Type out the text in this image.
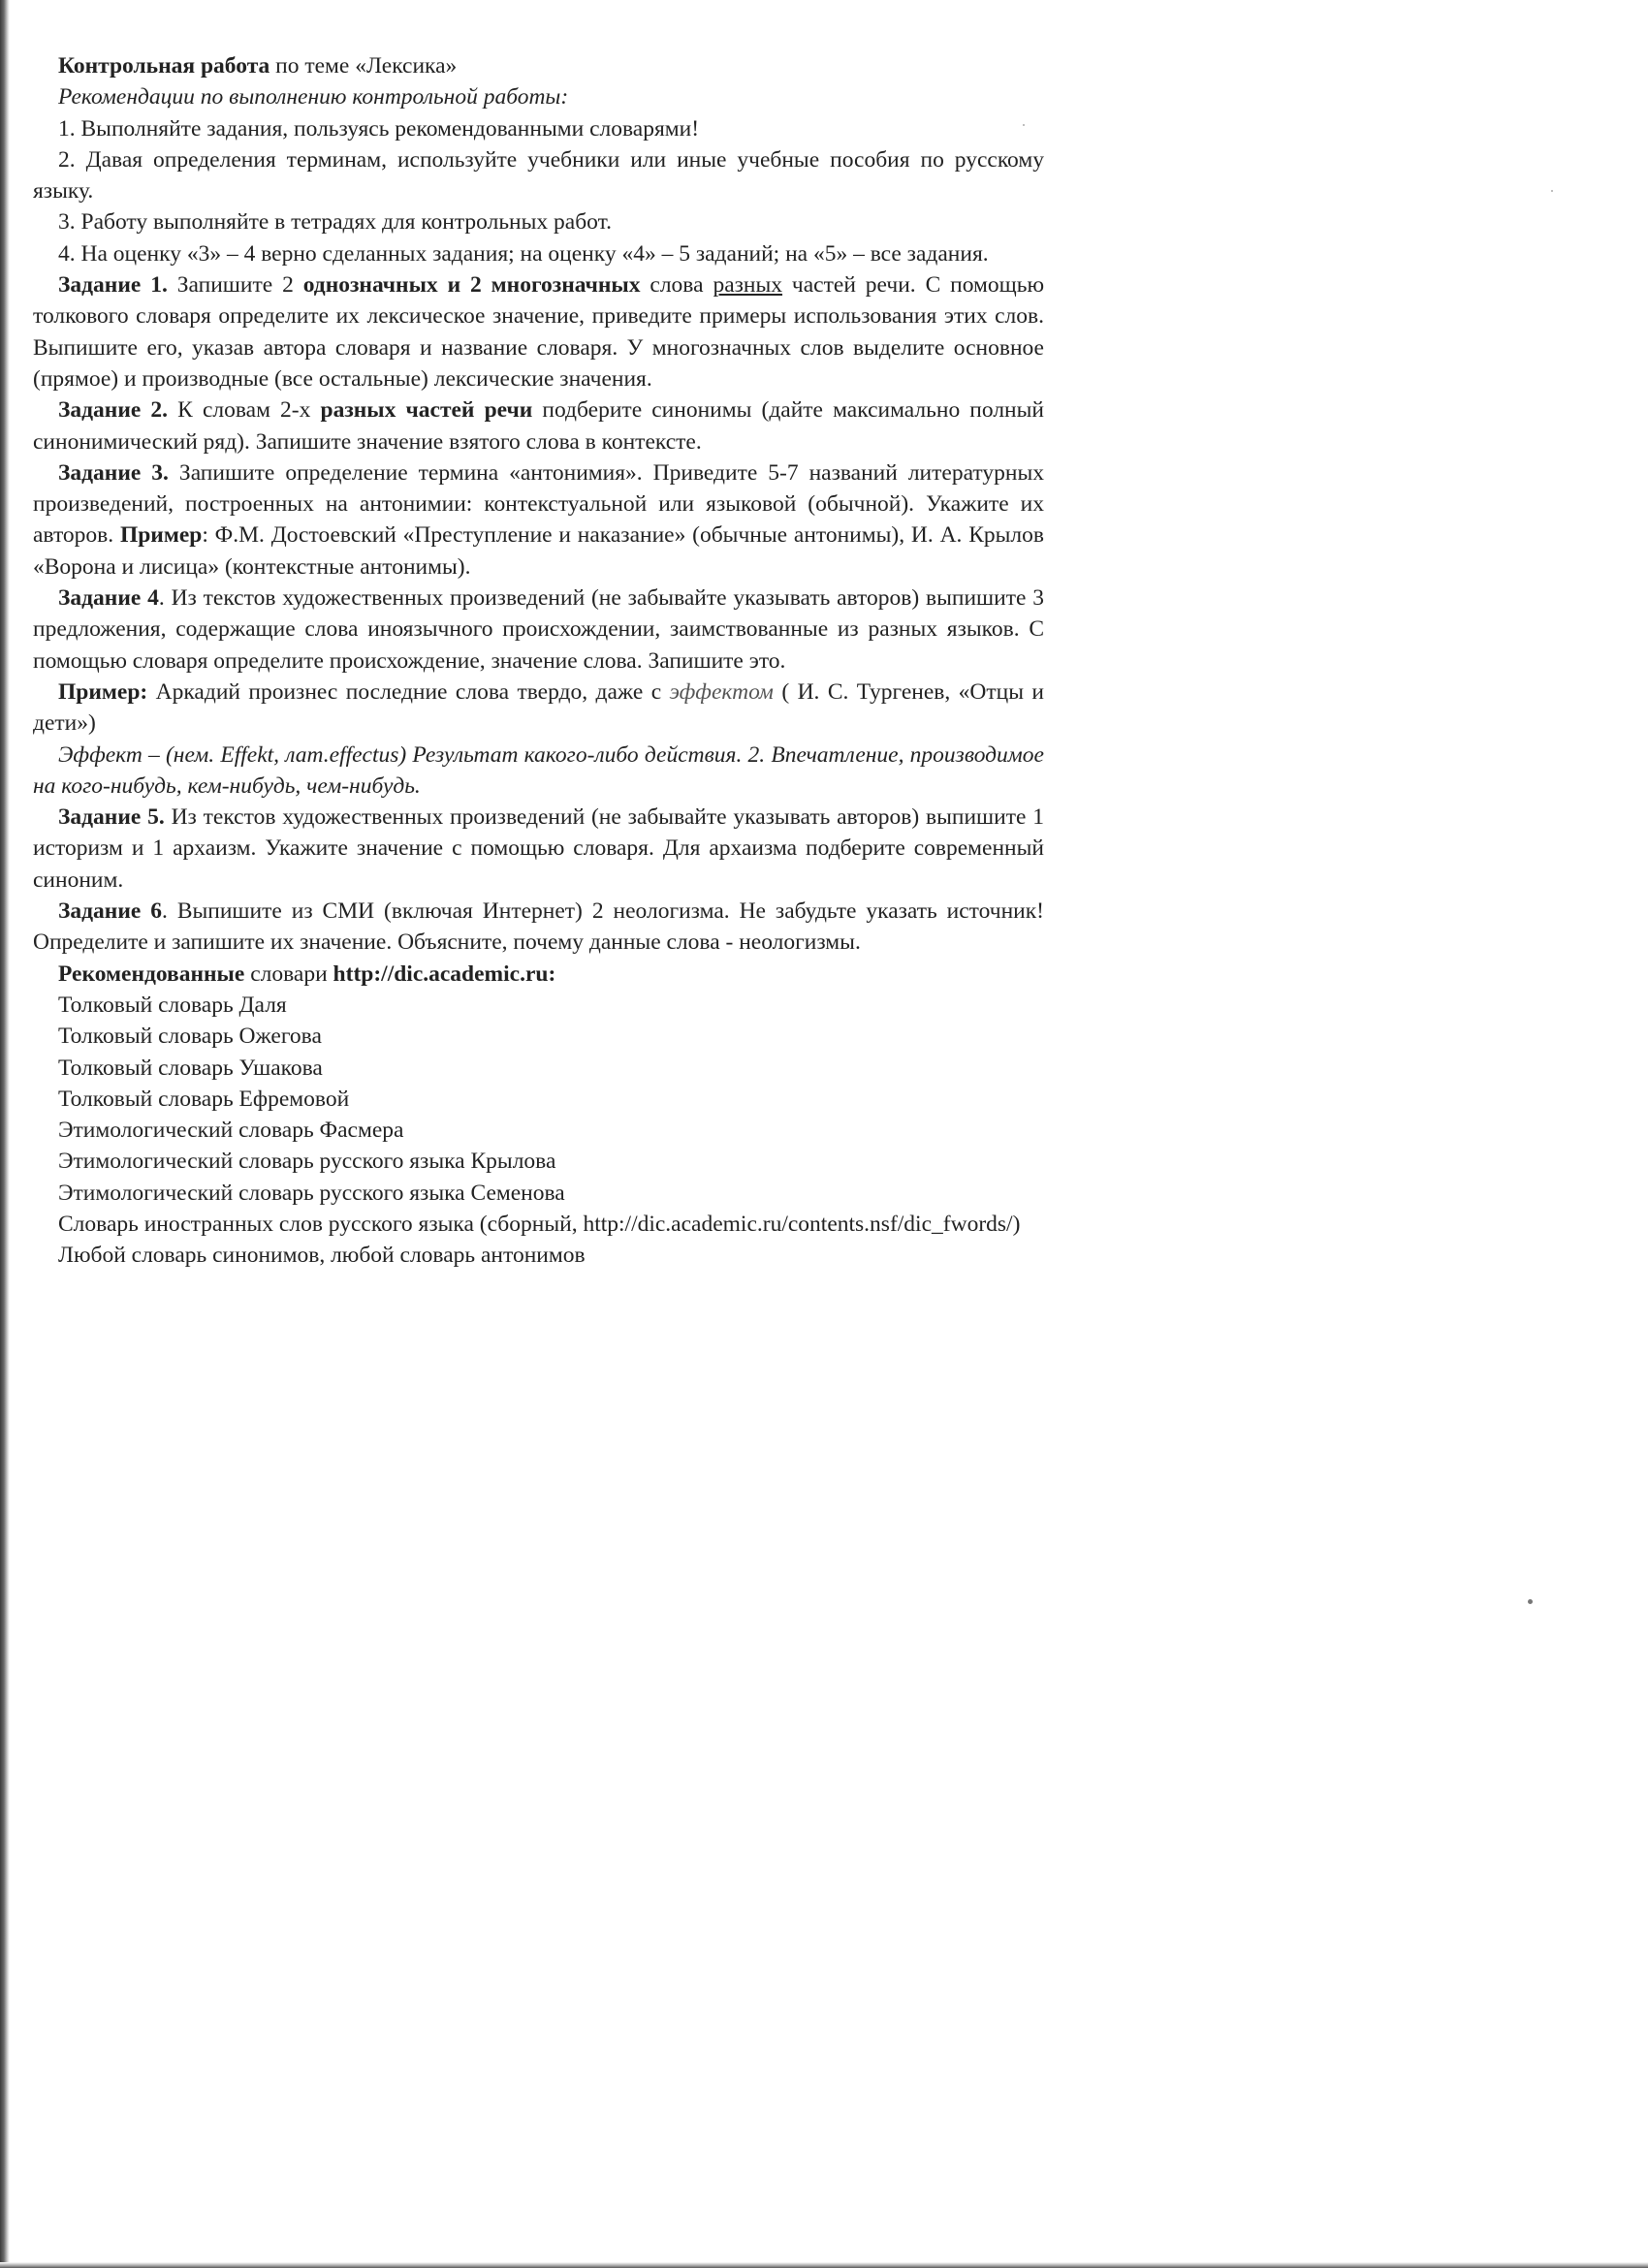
Контрольная работа по теме «Лексика»

Рекомендации по выполнению контрольной работы:

1. Выполняйте задания, пользуясь рекомендованными словарями!

2. Давая определения терминам, используйте учебники или иные учебные пособия по русскому языку.

3. Работу выполняйте в тетрадях для контрольных работ.

4. На оценку «3» – 4 верно сделанных задания; на оценку «4» – 5 заданий; на «5» – все задания.

Задание 1. Запишите 2 однозначных и 2 многозначных слова разных частей речи. С помощью толкового словаря определите их лексическое значение, приведите примеры использования этих слов. Выпишите его, указав автора словаря и название словаря. У многозначных слов выделите основное (прямое) и производные (все остальные) лексические значения.

Задание 2. К словам 2-х разных частей речи подберите синонимы (дайте максимально полный синонимический ряд). Запишите значение взятого слова в контексте.

Задание 3. Запишите определение термина «антонимия». Приведите 5-7 названий литературных произведений, построенных на антонимии: контекстуальной или языковой (обычной). Укажите их авторов. Пример: Ф.М. Достоевский «Преступление и наказание» (обычные антонимы), И. А. Крылов «Ворона и лисица» (контекстные антонимы).

Задание 4. Из текстов художественных произведений (не забывайте указывать авторов) выпишите 3 предложения, содержащие слова иноязычного происхождении, заимствованные из разных языков. С помощью словаря определите происхождение, значение слова. Запишите это.

Пример: Аркадий произнес последние слова твердо, даже с эффектом ( И. С. Тургенев, «Отцы и дети»)

Эффект – (нем. Effekt, лат.effectus) Результат какого-либо действия. 2. Впечатление, производимое на кого-нибудь, кем-нибудь, чем-нибудь.

Задание 5. Из текстов художественных произведений (не забывайте указывать авторов) выпишите 1 историзм и 1 архаизм. Укажите значение с помощью словаря. Для архаизма подберите современный синоним.

Задание 6. Выпишите из СМИ (включая Интернет) 2 неологизма. Не забудьте указать источник! Определите и запишите их значение. Объясните, почему данные слова - неологизмы.

Рекомендованные словари http://dic.academic.ru:

Толковый словарь Даля

Толковый словарь Ожегова

Толковый словарь Ушакова

Толковый словарь Ефремовой

Этимологический словарь Фасмера

Этимологический словарь русского языка Крылова

Этимологический словарь русского языка Семенова

Словарь иностранных слов русского языка (сборный, http://dic.academic.ru/contents.nsf/dic_fwords/)

Любой словарь синонимов, любой словарь антонимов
